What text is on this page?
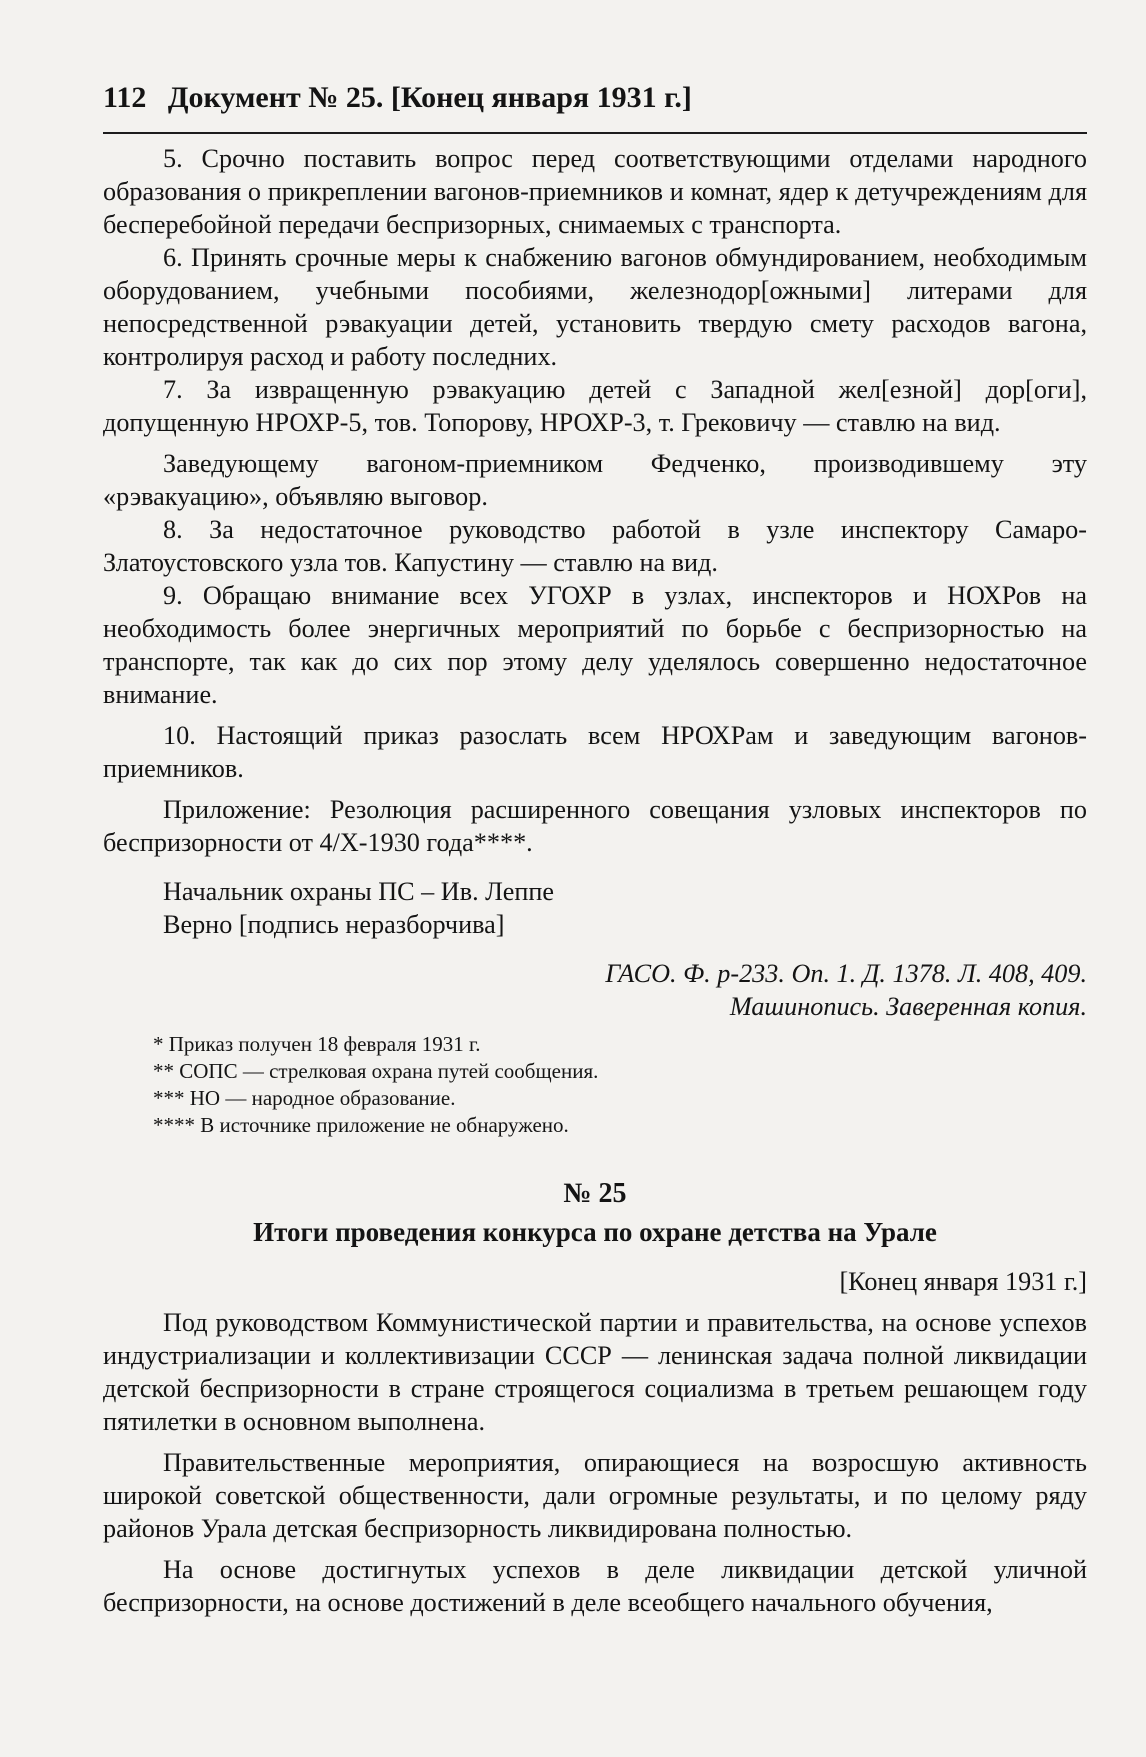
112 Документ № 25. [Конец января 1931 г.]

5. Срочно поставить вопрос перед соответствующими отделами народного образования о прикреплении вагонов-приемников и комнат, ядер к детучреждениям для бесперебойной передачи беспризорных, снимаемых с транспорта.

6. Принять срочные меры к снабжению вагонов обмундированием, необходимым оборудованием, учебными пособиями, железнодор[ожными] литерами для непосредственной рэвакуации детей, установить твердую смету расходов вагона, контролируя расход и работу последних.

7. За извращенную рэвакуацию детей с Западной жел[езной] дор[оги], допущенную НРОХР-5, тов. Топорову, НРОХР-3, т. Грековичу — ставлю на вид.

Заведующему вагоном-приемником Федченко, производившему эту «рэвакуацию», объявляю выговор.

8. За недостаточное руководство работой в узле инспектору Самаро-Златоустовского узла тов. Капустину — ставлю на вид.

9. Обращаю внимание всех УГОХР в узлах, инспекторов и НОХРов на необходимость более энергичных мероприятий по борьбе с беспризорностью на транспорте, так как до сих пор этому делу уделялось совершенно недостаточное внимание.

10. Настоящий приказ разослать всем НРОХРам и заведующим вагонов-приемников.

Приложение: Резолюция расширенного совещания узловых инспекторов по беспризорности от 4/Х-1930 года****.

Начальник охраны ПС – Ив. Леппе

Верно [подпись неразборчива]

ГАСО. Ф. р-233. Оп. 1. Д. 1378. Л. 408, 409.

Машинопись. Заверенная копия.

* Приказ получен 18 февраля 1931 г.

** СОПС — стрелковая охрана путей сообщения.

*** НО — народное образование.

**** В источнике приложение не обнаружено.

№ 25

Итоги проведения конкурса по охране детства на Урале

[Конец января 1931 г.]

Под руководством Коммунистической партии и правительства, на основе успехов индустриализации и коллективизации СССР — ленинская задача полной ликвидации детской беспризорности в стране строящегося социализма в третьем решающем году пятилетки в основном выполнена.

Правительственные мероприятия, опирающиеся на возросшую активность широкой советской общественности, дали огромные результаты, и по целому ряду районов Урала детская беспризорность ликвидирована полностью.

На основе достигнутых успехов в деле ликвидации детской уличной беспризорности, на основе достижений в деле всеобщего начального обучения,
